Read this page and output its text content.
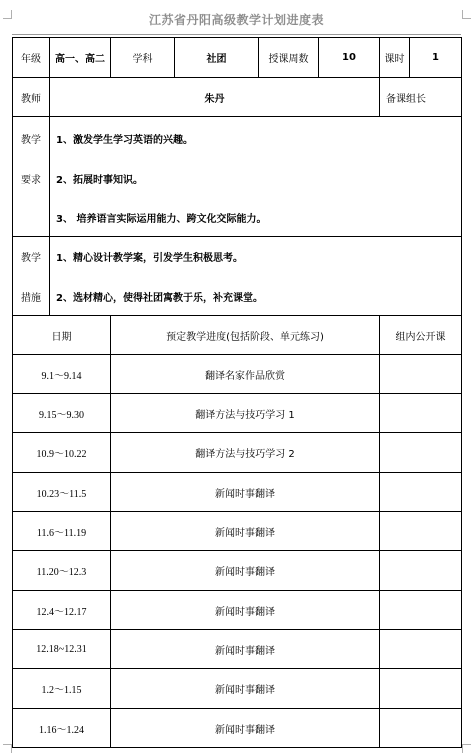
江苏省丹阳高级教学计划进度表
年级	高一、高二	学科	社团	授课周数	10	课时	1
教师	朱丹					备课组长	

教学
要求	1、激发学生学习英语的兴趣。
2、拓展时事知识。
3、 培养语言实际运用能力、跨文化交际能力。						

教学
措施	1、精心设计教学案，引发学生积极思考。
2、选材精心，使得社团寓教于乐，补充课堂。						

日期		预定教学进度(包括阶段、单元练习)				组内公开课	
9.1～9.14		翻译名家作品欣赏					
9.15～9.30		翻译方法与技巧学习 1					
10.9～10.22		翻译方法与技巧学习 2					
10.23～11.5		新闻时事翻译					
11.6～11.19		新闻时事翻译					
11.20～12.3		新闻时事翻译					
12.4～12.17		新闻时事翻译					
12.18~12.31		新闻时事翻译					
1.2～1.15		新闻时事翻译					
1.16～1.24		新闻时事翻译					
